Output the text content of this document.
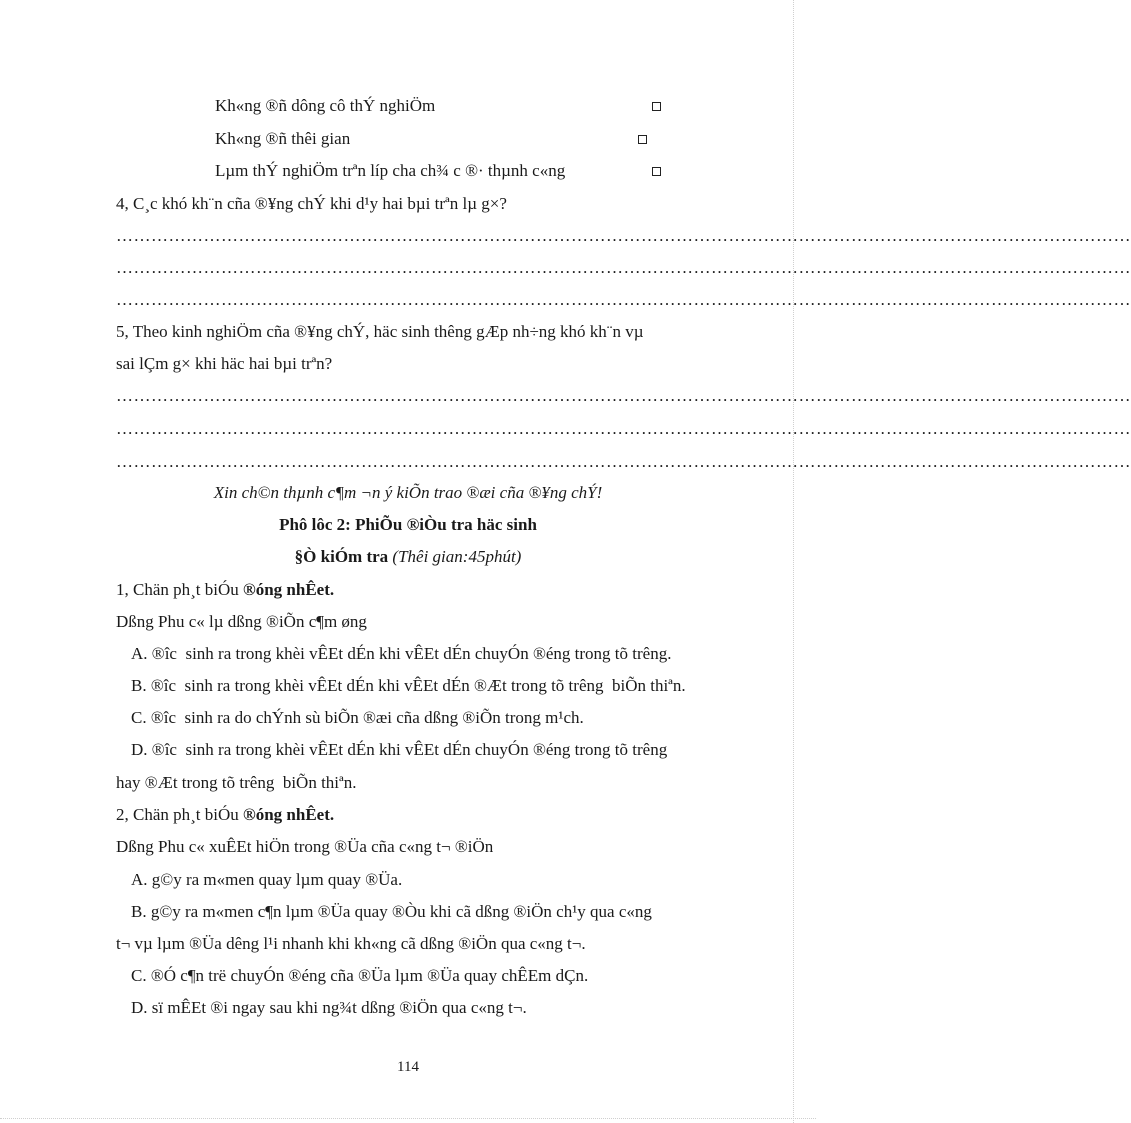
Kh«ng ®ñ dông cô thÝ nghiÖm
Kh«ng ®ñ thêi gian
Lµm thÝ nghiÖm trªn líp cha ch¾ c ®· thµnh c«ng
4, C¸c khó kh¨n cña ®¥ng chÝ khi d¹y hai bµi trªn lµ g×?
…………………………………………………………………………………………………………………………………………………………
…………………………………………………………………………………………………………………………………………………………
…………………………………………………………………………………………………………………………………………………………
5, Theo kinh nghiÖm cña ®¥ng chÝ, häc sinh thêng gÆp nh÷ng khó kh¨n vµ
sai lÇm g× khi häc hai bµi trªn?
…………………………………………………………………………………………………………………………………………………………
…………………………………………………………………………………………………………………………………………………………
…………………………………………………………………………………………………………………………………………………………
Xin ch©n thµnh c¶m ¬n ý kiÕn trao ®æi cña ®¥ng chÝ!
Phô lôc 2: PhiÕu ®iÒu tra häc sinh
§Ò kiÓm tra (Thêi gian:45phút)
1, Chän ph¸t biÓu ®óng nhÊet.
Dßng Phu c« lµ dßng ®iÕn c¶m øng
A. ®îc  sinh ra trong khèi vÊEt dÉn khi vÊEt dÉn chuyÓn ®éng trong tõ trêng.
B. ®îc  sinh ra trong khèi vÊEt dÉn khi vÊEt dÉn ®Æt trong tõ trêng  biÕn thiªn.
C. ®îc  sinh ra do chÝnh sù biÕn ®æi cña dßng ®iÕn trong m¹ch.
D. ®îc  sinh ra trong khèi vÊEt dÉn khi vÊEt dÉn chuyÓn ®éng trong tõ trêng
hay ®Æt trong tõ trêng  biÕn thiªn.
2, Chän ph¸t biÓu ®óng nhÊet.
Dßng Phu c« xuÊEt hiÖn trong ®Üa cña c«ng t¬ ®iÖn
A. g©y ra m«men quay lµm quay ®Üa.
B. g©y ra m«men c¶n lµm ®Üa quay ®Òu khi cã dßng ®iÖn ch¹y qua c«ng
t¬ vµ lµm ®Üa dêng l¹i nhanh khi kh«ng cã dßng ®iÖn qua c«ng t¬.
C. ®Ó c¶n trë chuyÓn ®éng cña ®Üa lµm ®Üa quay chÊEm dÇn.
D. sï mÊEt ®i ngay sau khi ng¾t dßng ®iÖn qua c«ng t¬.
114
